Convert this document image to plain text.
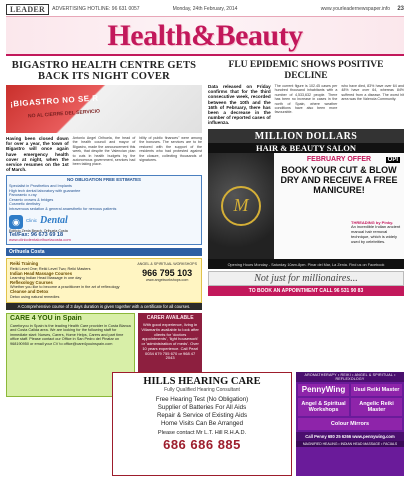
LEADER	ADVERTISING HOTLINE: 96 631 0057	Monday, 24th February, 2014	www.yourleadernewspaper.info 23
Health&Beauty
BIGASTRO HEALTH CENTRE GETS BACK ITS NIGHT COVER
¡BIGASTRO NO SE R
NO AL CIERRE DEL SERVICIO

Having been closed down for over a year, the town of Bigastro will once again have emergency health cover at night, when the service resumes on the 1st of March.

Antonio Angel Orihuela, the head of the health council and mayor of Bigastro, made the announcement this week, that despite the Valencian plan to cuts in health budgets by the autonomous government, services had been taking place.

bility of public finances" were among the bonuses. The services are to be restored with the support of the residents who had protested against the closure, collecting thousands of signatures.

NO OBLIGATION FREE ESTIMATES
Specialist in Prosthetics and Implants
High tech dental laboratory with guarantee
Panoramic x-ray
Ceramic crowns & bridges
Cosmetic dentistry
Intravenous sedation & general anaesthetic for nervous patients
◉	Clinic Dental
Edificio Zenia Beach, Orihuela Costa
Tel/Fax: 96 673 69 18
www.clinicdentalorihuelacosta.com
Orihuela Costa
Reiki Training
Reiki Level One; Reiki Level Two; Reiki Masters
Indian Head Massage Courses
Learning Indian Head Massage in one day
Reflexology Courses
Whether you like to become a practitioner in the art of reflexology
Cleanse and Detox
Detox using natural remedies
ANGEL & SPIRITUAL WORKSHOPS
966 795 103
www.angelworkshops.com
A Comprehensive course of 3 days duration is given together with a certificate for all courses.
CARE 4 YOU in Spain
Careforyou in Spain is the leading Health Care provider in Costa Blanca and Costa Calida area. We are looking for the following staff for immediate start: Nurses, Carers, Home Helps, Carers and part time office staff. Please contact our Office in San Pedro del Pinatar on 968190950 or email your CV to office@care4youinspain.com
CARER AVAILABLE
With good experience, living in Villamartin available to look after clients for 'doctors appointments', 'light housework' or 'administration of meds'. Over 10 years experience. Call Pearl 0034 679 755 670 or 968 47 2043
FLU EPIDEMIC SHOWS POSITIVE DECLINE

Data released on Friday confirms that for the third consecutive week, recorded between the 10th and the 16th of February, there has been a decrease in the number of reported cases of influenza.

The current figure is 102.45 cases per hundred thousand inhabitants with a number of 4,533,632 people. There has been no increase in cases in the north of Spain, where weather conditions have also been more favourable.

who have died, 83% have over 64 and 48% have over 64, whereas 84% suffered from a disease. The worst hit area was the Valencia Community.

MILLION DOLLARS
HAIR & BEAUTY SALON
M
OPI
FEBRUARY OFFER
BOOK YOUR CUT & BLOW DRY AND RECEIVE A FREE MANICURE!
THREADING by Pinky.
An incredible Indian ancient manual hair removal technique, which is widely used by celebrities.
Opening Hours Monday - Saturday 10am-8pm. Pinar del Mar, La Zenia. Find us on Facebook
Not just for millionaires...
TO BOOK AN APPOINTMENT CALL 96 531 90 83
HILLS HEARING CARE
Fully Qualified Hearing Consultant
Free Hearing Test (No Obligation)
Supplier of Batteries For All Aids
Repair & Service of Existing Aids
Home Visits Can Be Arranged
Please contact Mr L.T. Hill R.H.A.D.
686 686 885
AROMATHERAPY • REIKI • ANGEL & SPIRITUAL • REFLEXOLOGY
PennyWing	Usui Reiki Master
Angel & Spiritual Workshops
Angelic Reiki Master
Colour Mirrors
Call Penny 680 25 6266 www.pennywing.com
MAGNIFIED HEALING • INDIAN HEAD MASSAGE • FACIALS
